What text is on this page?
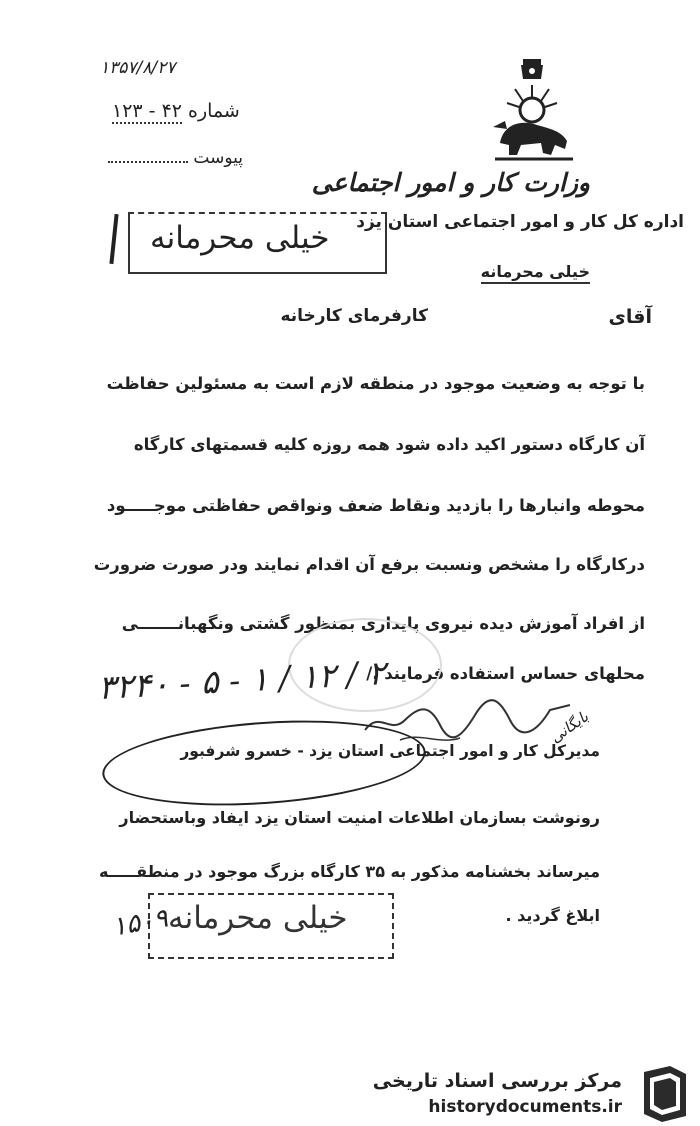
۱۳۵۷/۸/۲۷
شماره ۴۲ - ۱۲۳
پیوست
وزارت کار و امور اجتماعی
اداره کل کار و امور اجتماعی استان یزد
خیلی محرمانه
خیلی محرمانه
آقای
کارفرمای کارخانه
با توجه به وضعیت موجود در منطقه لازم است به مسئولین حفاظت
آن کارگاه دستور اکید داده شود همه روزه کلیه قسمتهای کارگاه
محوطه وانبارها را بازدید ونقاط ضعف ونواقص حفاظتی موجـــــود
درکارگاه را مشخص ونسبت برفع آن اقدام نمایند ودر صورت ضرورت
از افراد آموزش دیده نیروی پایداری بمنظور گشتی ونگهبانـــــــی
محلهای حساس استفاده فرمایند ./
۳۲۴۰ - ۵ - ۱ / ۱۲ / ۲
بایگانی
مدیرکل کار و امور اجتماعی استان یزد - خسرو شرفبور
رونوشت بسازمان اطلاعات امنیت استان یزد ایفاد وباستحضار
میرساند بخشنامه مذکور به ۳۵ کارگاه بزرگ موجود در منطقـــــه
ابلاغ گردید .
خیلی محرمانه
۱۵۰۹
مرکز بررسی اسناد تاریخی
historydocuments.ir
